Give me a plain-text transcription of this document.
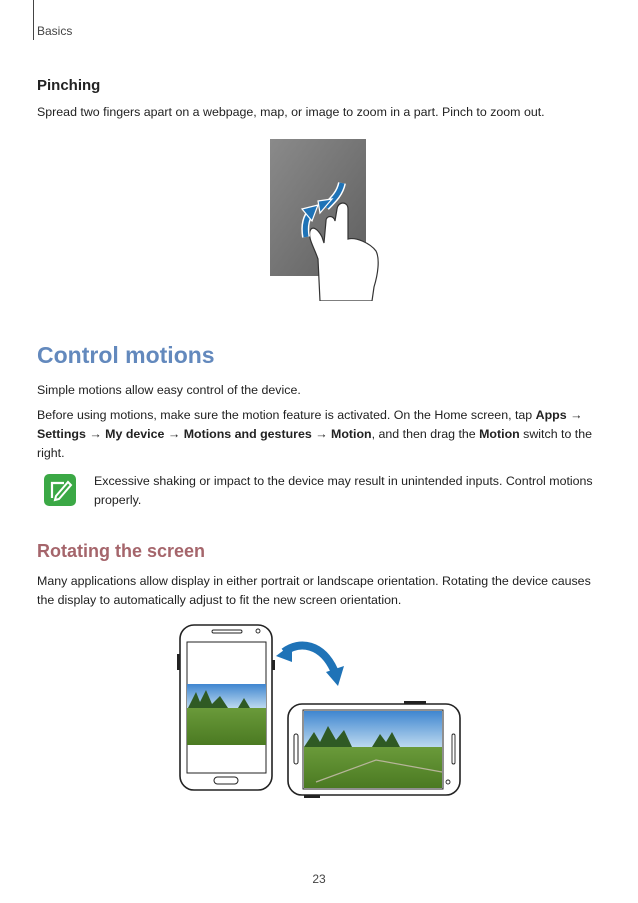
Basics
Pinching
Spread two fingers apart on a webpage, map, or image to zoom in a part. Pinch to zoom out.
Control motions
Simple motions allow easy control of the device.
Before using motions, make sure the motion feature is activated. On the Home screen, tap Apps → Settings → My device → Motions and gestures → Motion, and then drag the Motion switch to the right.
Excessive shaking or impact to the device may result in unintended inputs. Control motions properly.
Rotating the screen
Many applications allow display in either portrait or landscape orientation. Rotating the device causes the display to automatically adjust to fit the new screen orientation.
23
